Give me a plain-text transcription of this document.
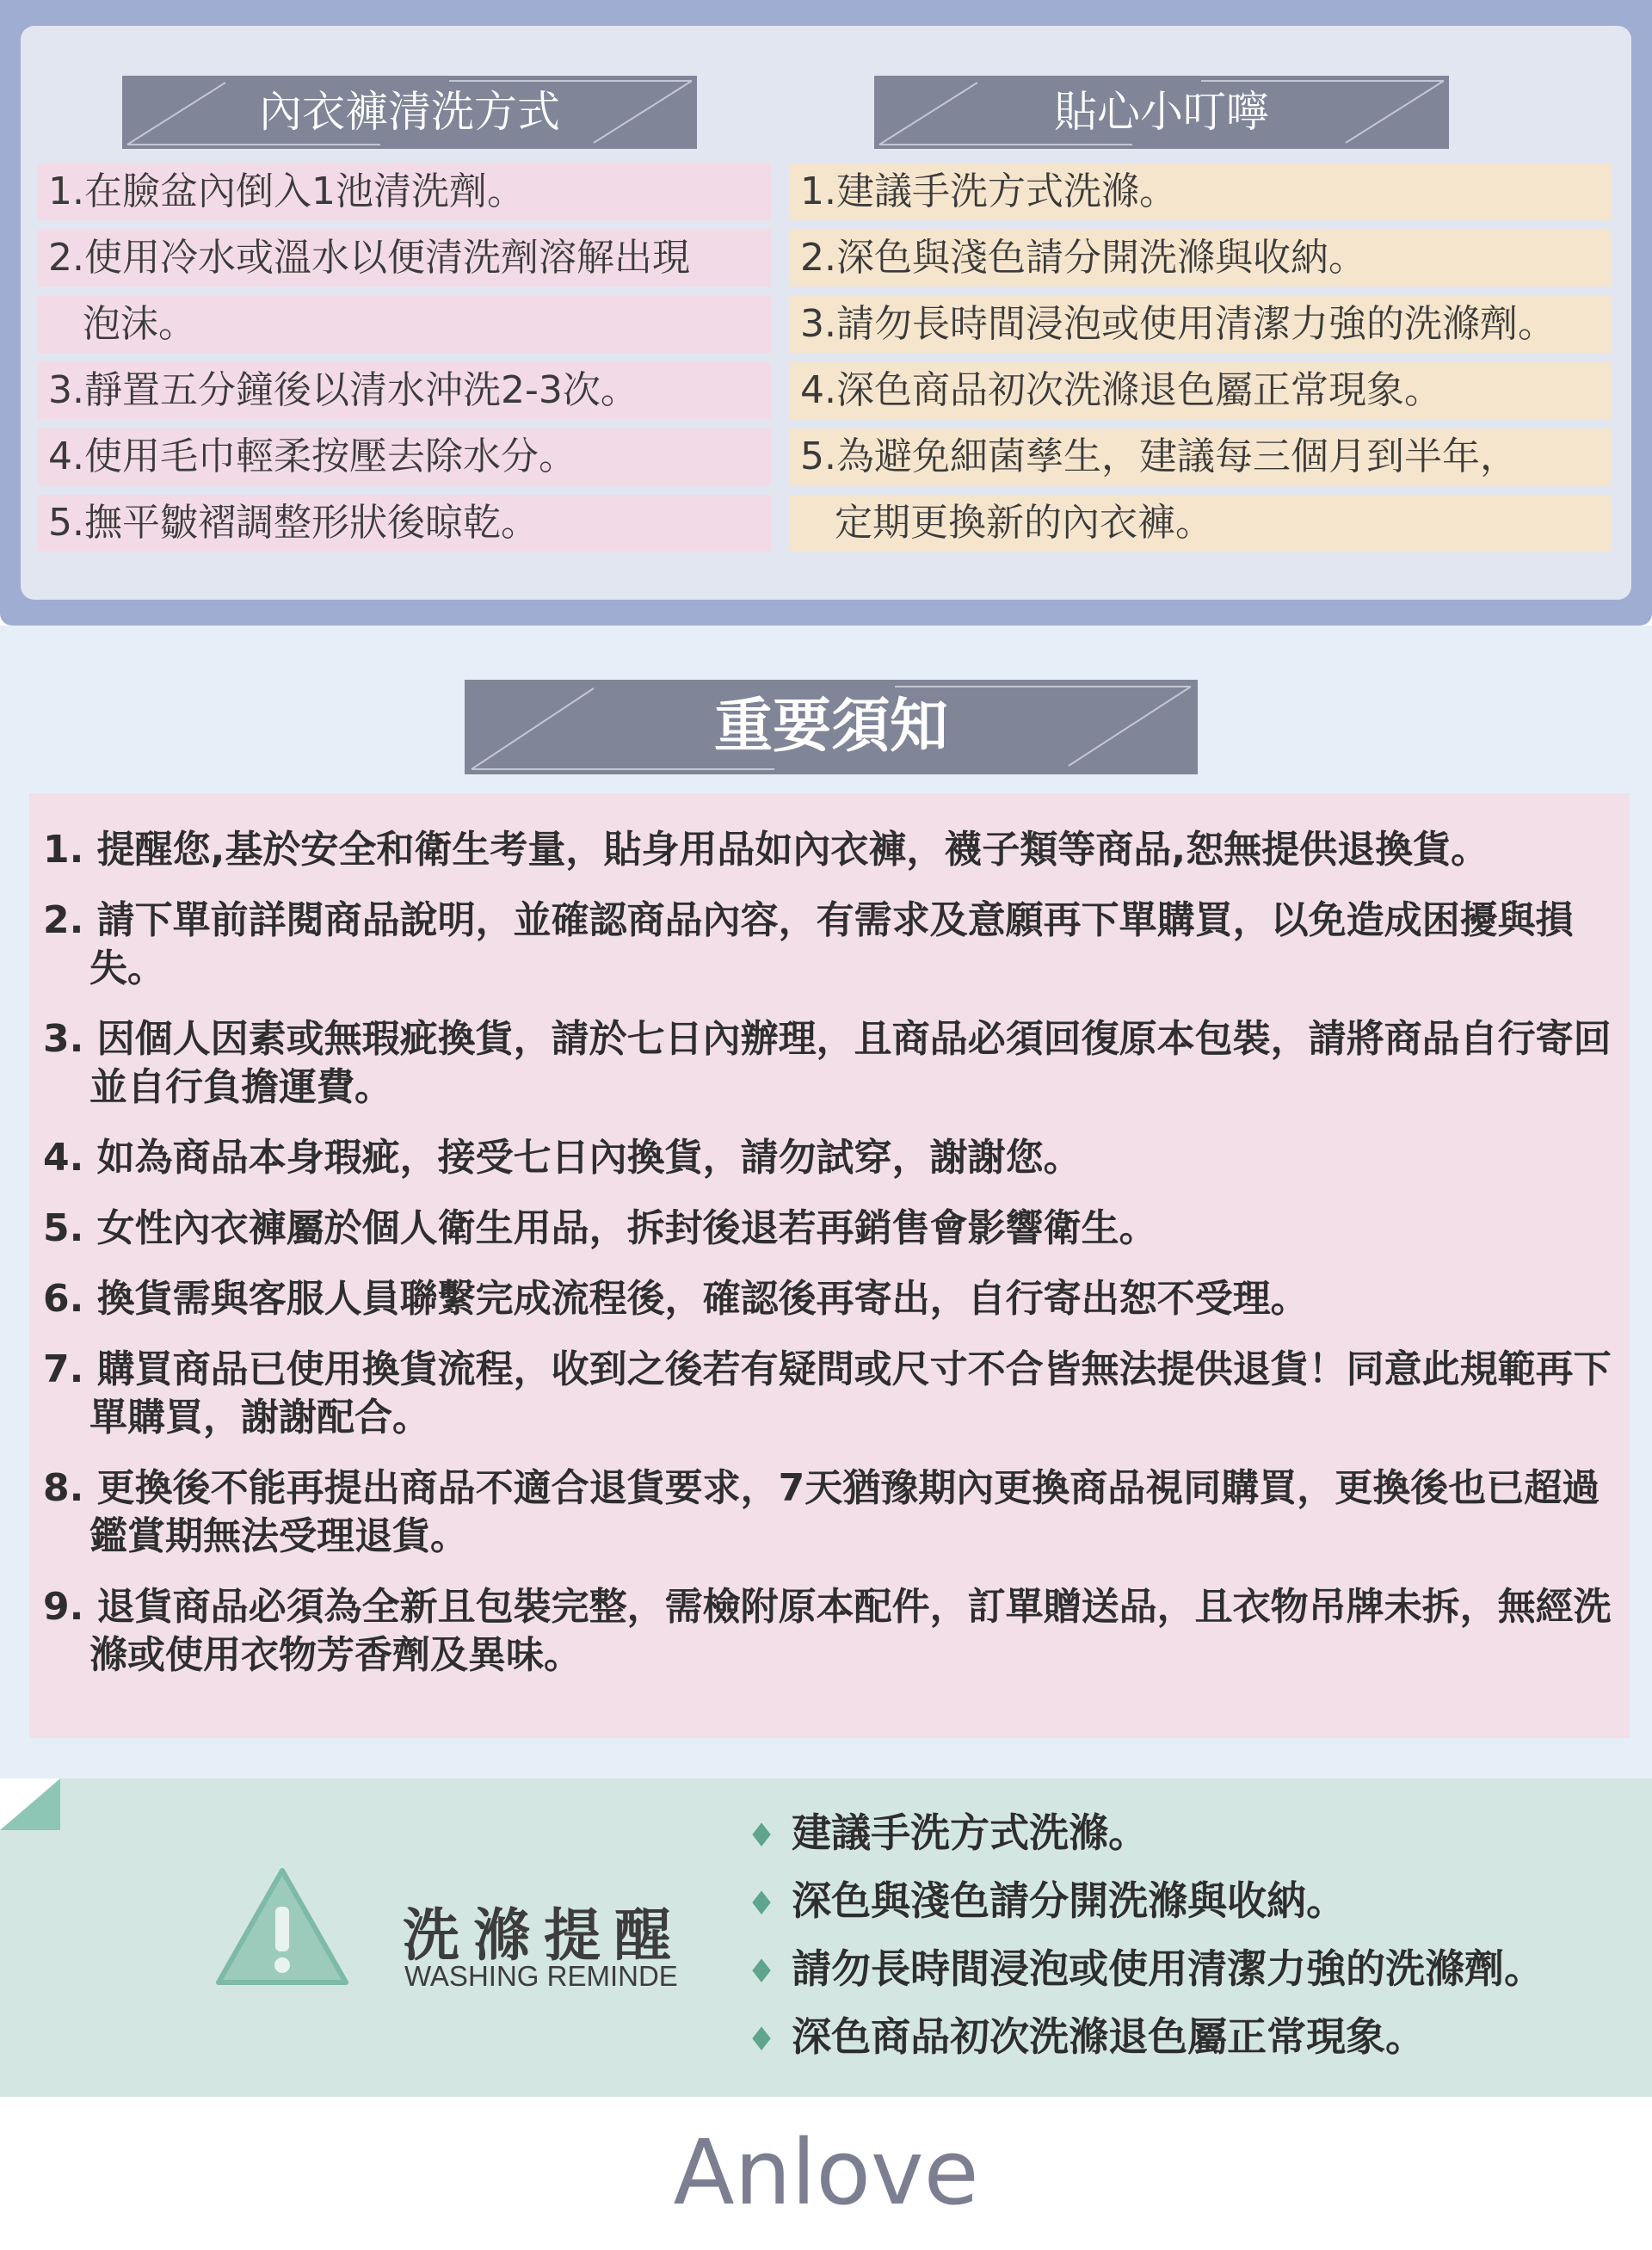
內衣褲清洗方式	貼心小叮嚀
1.在臉盆內倒入1池清洗劑。
2.使用冷水或溫水以便清洗劑溶解出現
泡沫。
3.靜置五分鐘後以清水沖洗2-3次。
4.使用毛巾輕柔按壓去除水分。
5.撫平皺褶調整形狀後晾乾。
1.建議手洗方式洗滌。
2.深色與淺色請分開洗滌與收納。
3.請勿長時間浸泡或使用清潔力強的洗滌劑。
4.深色商品初次洗滌退色屬正常現象。
5.為避免細菌孳生，建議每三個月到半年，
定期更換新的內衣褲。
重要須知
1. 提醒您,基於安全和衛生考量，貼身用品如內衣褲，襪子類等商品,恕無提供退換貨。
2. 請下單前詳閱商品說明，並確認商品內容，有需求及意願再下單購買，以免造成困擾與損失。
3. 因個人因素或無瑕疵換貨，請於七日內辦理，且商品必須回復原本包裝，請將商品自行寄回並自行負擔運費。
4. 如為商品本身瑕疵，接受七日內換貨，請勿試穿，謝謝您。
5. 女性內衣褲屬於個人衛生用品，拆封後退若再銷售會影響衛生。
6. 換貨需與客服人員聯繫完成流程後，確認後再寄出，自行寄出恕不受理。
7. 購買商品已使用換貨流程，收到之後若有疑問或尺寸不合皆無法提供退貨！同意此規範再下單購買，謝謝配合。
8. 更換後不能再提出商品不適合退貨要求，7天猶豫期內更換商品視同購買，更換後也已超過鑑賞期無法受理退貨。
9. 退貨商品必須為全新且包裝完整，需檢附原本配件，訂單贈送品，且衣物吊牌未拆，無經洗滌或使用衣物芳香劑及異味。
洗滌提醒
WASHING REMINDE
♦ 建議手洗方式洗滌。
♦ 深色與淺色請分開洗滌與收納。
♦ 請勿長時間浸泡或使用清潔力強的洗滌劑。
♦ 深色商品初次洗滌退色屬正常現象。
Anlove
